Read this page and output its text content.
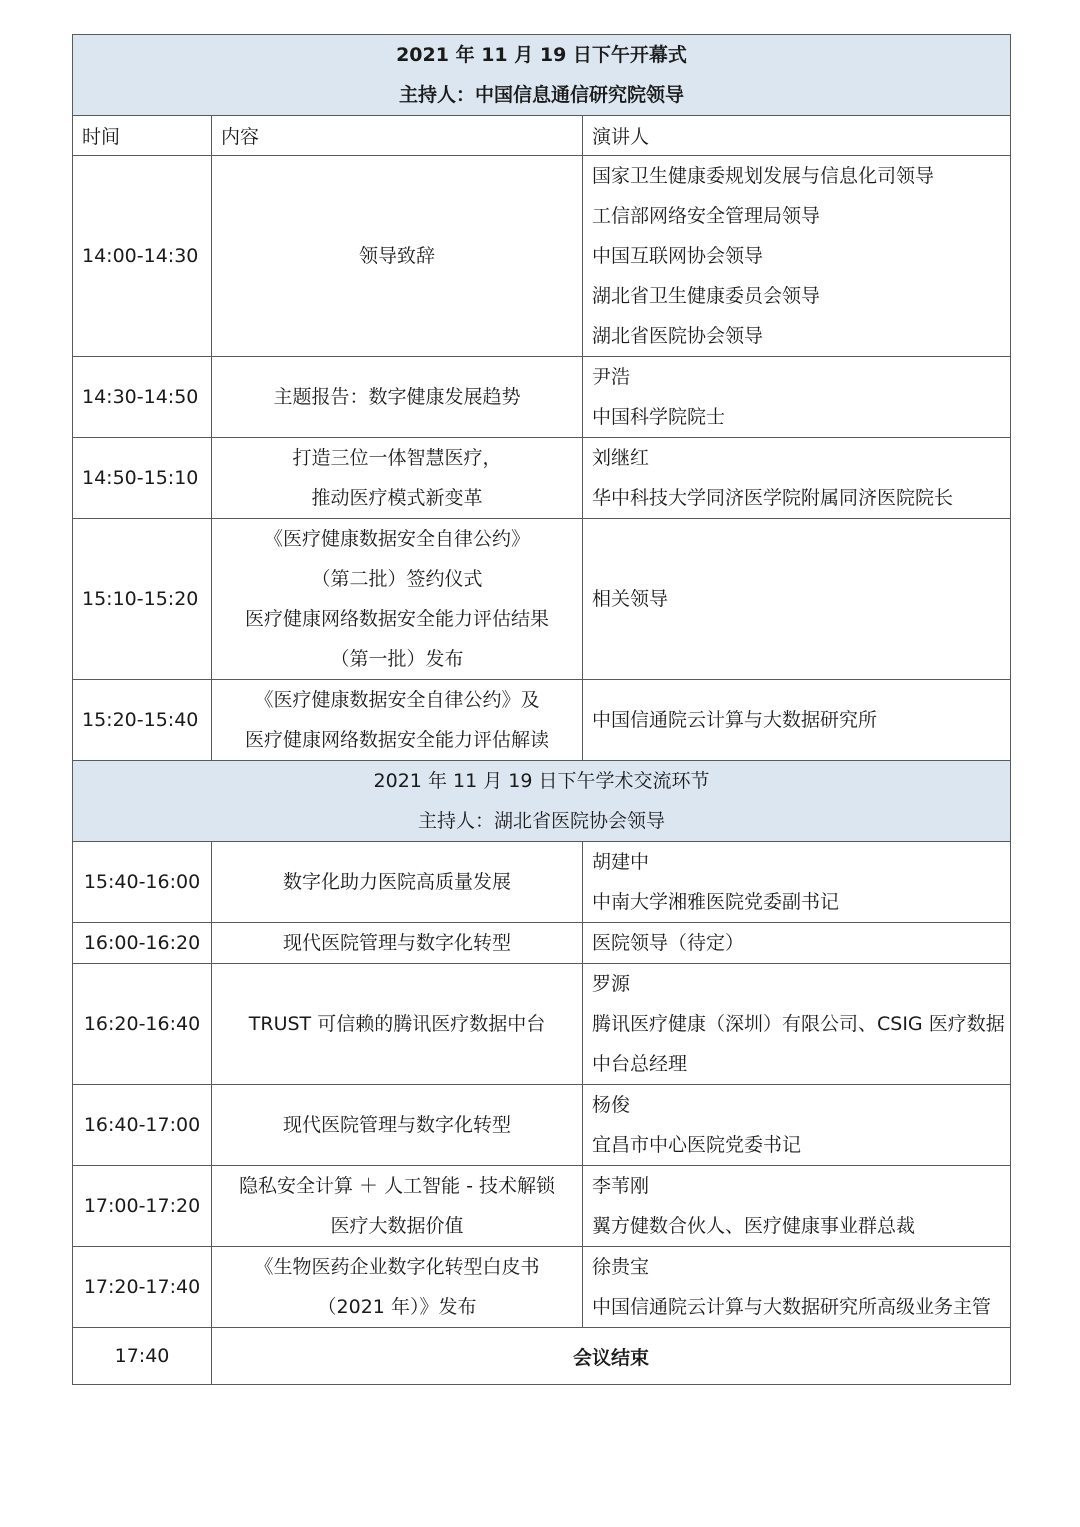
2021 年 11 月 19 日下午开幕式
主持人：中国信息通信研究院领导		

时间	内容	演讲人
14:00-14:30	领导致辞	国家卫生健康委规划发展与信息化司领导
工信部网络安全管理局领导
中国互联网协会领导
湖北省卫生健康委员会领导
湖北省医院协会领导

14:30-14:50	主题报告：数字健康发展趋势	尹浩
中国科学院院士

14:50-15:10	打造三位一体智慧医疗，
推动医疗模式新变革	刘继红
华中科技大学同济医学院附属同济医院院长

15:10-15:20	《医疗健康数据安全自律公约》
（第二批）签约仪式
医疗健康网络数据安全能力评估结果
（第一批）发布	相关领导

15:20-15:40	《医疗健康数据安全自律公约》及
医疗健康网络数据安全能力评估解读	中国信通院云计算与大数据研究所

2021 年 11 月 19 日下午学术交流环节
主持人：湖北省医院协会领导		

15:40-16:00	数字化助力医院高质量发展	胡建中
中南大学湘雅医院党委副书记

16:00-16:20	现代医院管理与数字化转型	医院领导（待定）

16:20-16:40	TRUST 可信赖的腾讯医疗数据中台	罗源
腾讯医疗健康（深圳）有限公司、CSIG 医疗数据
中台总经理

16:40-17:00	现代医院管理与数字化转型	杨俊
宜昌市中心医院党委书记

17:00-17:20	隐私安全计算 ＋ 人工智能 - 技术解锁
医疗大数据价值	李苇刚
翼方健数合伙人、医疗健康事业群总裁

17:20-17:40	《生物医药企业数字化转型白皮书
（2021 年）》发布	徐贵宝
中国信通院云计算与大数据研究所高级业务主管

17:40	会议结束	
